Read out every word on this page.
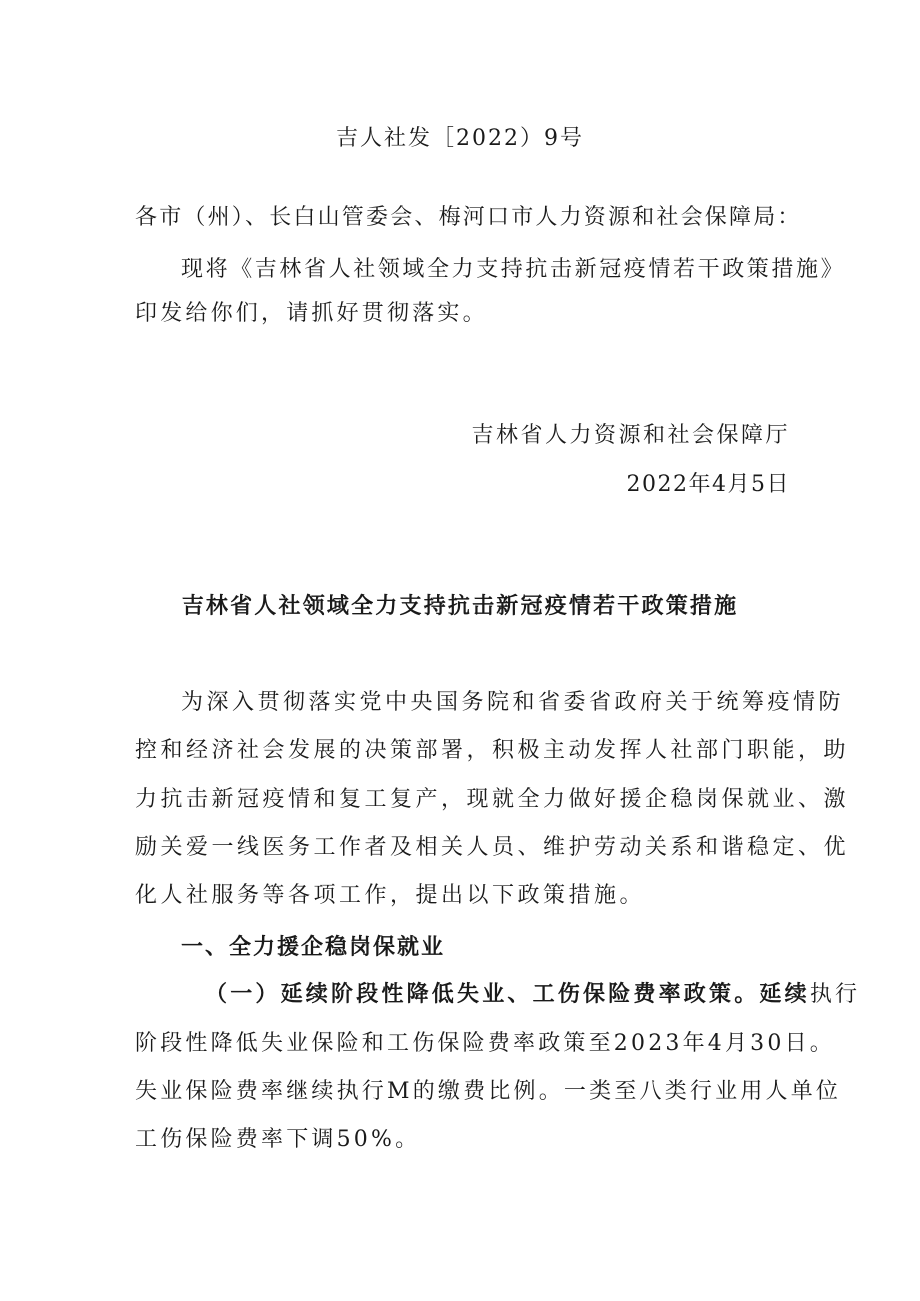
吉人社发［2022）9号
各市（州）、长白山管委会、梅河口市人力资源和社会保障局：
现将《吉林省人社领域全力支持抗击新冠疫情若干政策措施》
印发给你们，请抓好贯彻落实。
吉林省人力资源和社会保障厅
2022年4月5日
吉林省人社领域全力支持抗击新冠疫情若干政策措施
为深入贯彻落实党中央国务院和省委省政府关于统筹疫情防
控和经济社会发展的决策部署，积极主动发挥人社部门职能，助
力抗击新冠疫情和复工复产，现就全力做好援企稳岗保就业、激
励关爱一线医务工作者及相关人员、维护劳动关系和谐稳定、优
化人社服务等各项工作，提出以下政策措施。
一、全力援企稳岗保就业
（一）延续阶段性降低失业、工伤保险费率政策。延续执行
阶段性降低失业保险和工伤保险费率政策至2023年4月30日。
失业保险费率继续执行M的缴费比例。一类至八类行业用人单位
工伤保险费率下调50%。
